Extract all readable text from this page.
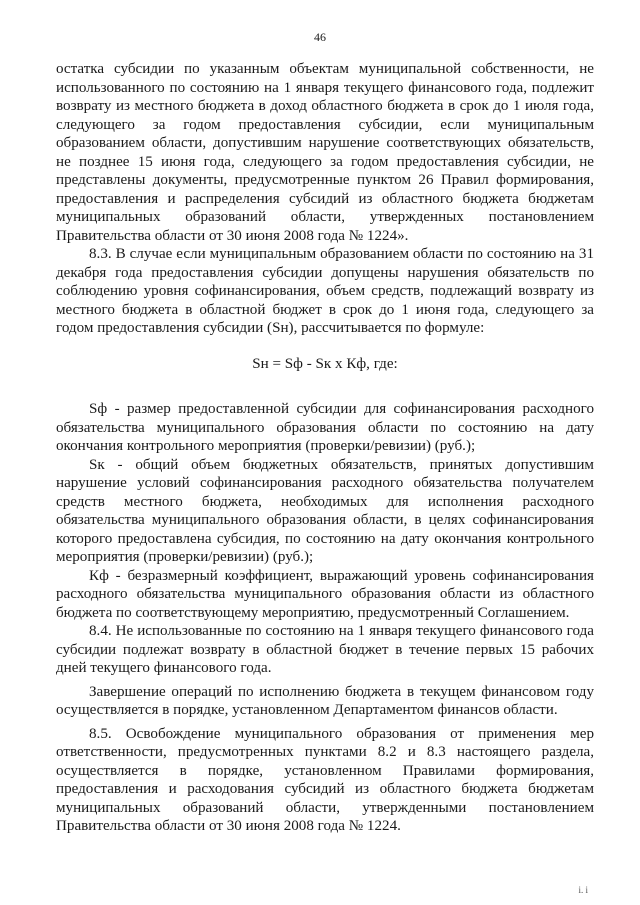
46

остатка субсидии по указанным объектам муниципальной собственности, не использованного по состоянию на 1 января текущего финансового года, подлежит возврату из местного бюджета в доход областного бюджета в срок до 1 июля года, следующего за годом предоставления субсидии, если муниципальным образованием области, допустившим нарушение соответствующих обязательств, не позднее 15 июня года, следующего за годом предоставления субсидии, не представлены документы, предусмотренные пунктом 26 Правил формирования, предоставления и распределения субсидий из областного бюджета бюджетам муниципальных образований области, утвержденных постановлением Правительства области от 30 июня 2008 года № 1224».

8.3. В случае если муниципальным образованием области по состоянию на 31 декабря года предоставления субсидии допущены нарушения обязательств по соблюдению уровня софинансирования, объем средств, подлежащий возврату из местного бюджета в областной бюджет в срок до 1 июня года, следующего за годом предоставления субсидии (Sн), рассчитывается по формуле:

Sн = Sф - Sк х Кф, где:

Sф - размер предоставленной субсидии для софинансирования расходного обязательства муниципального образования области по состоянию на дату окончания контрольного мероприятия (проверки/ревизии) (руб.);

Sк - общий объем бюджетных обязательств, принятых допустившим нарушение условий софинансирования расходного обязательства получателем средств местного бюджета, необходимых для исполнения расходного обязательства муниципального образования области, в целях софинансирования которого предоставлена субсидия, по состоянию на дату окончания контрольного мероприятия (проверки/ревизии) (руб.);

Кф - безразмерный коэффициент, выражающий уровень софинансирования расходного обязательства муниципального образования области из областного бюджета по соответствующему мероприятию, предусмотренный Соглашением.

8.4. Не использованные по состоянию на 1 января текущего финансового года субсидии подлежат возврату в областной бюджет в течение первых 15 рабочих дней текущего финансового года.

Завершение операций по исполнению бюджета в текущем финансовом году осуществляется в порядке, установленном Департаментом финансов области.

8.5. Освобождение муниципального образования от применения мер ответственности, предусмотренных пунктами 8.2 и 8.3 настоящего раздела, осуществляется в порядке, установленном Правилами формирования, предоставления и расходования субсидий из областного бюджета бюджетам муниципальных образований области, утвержденными постановлением Правительства области от 30 июня 2008 года № 1224.

i. i
